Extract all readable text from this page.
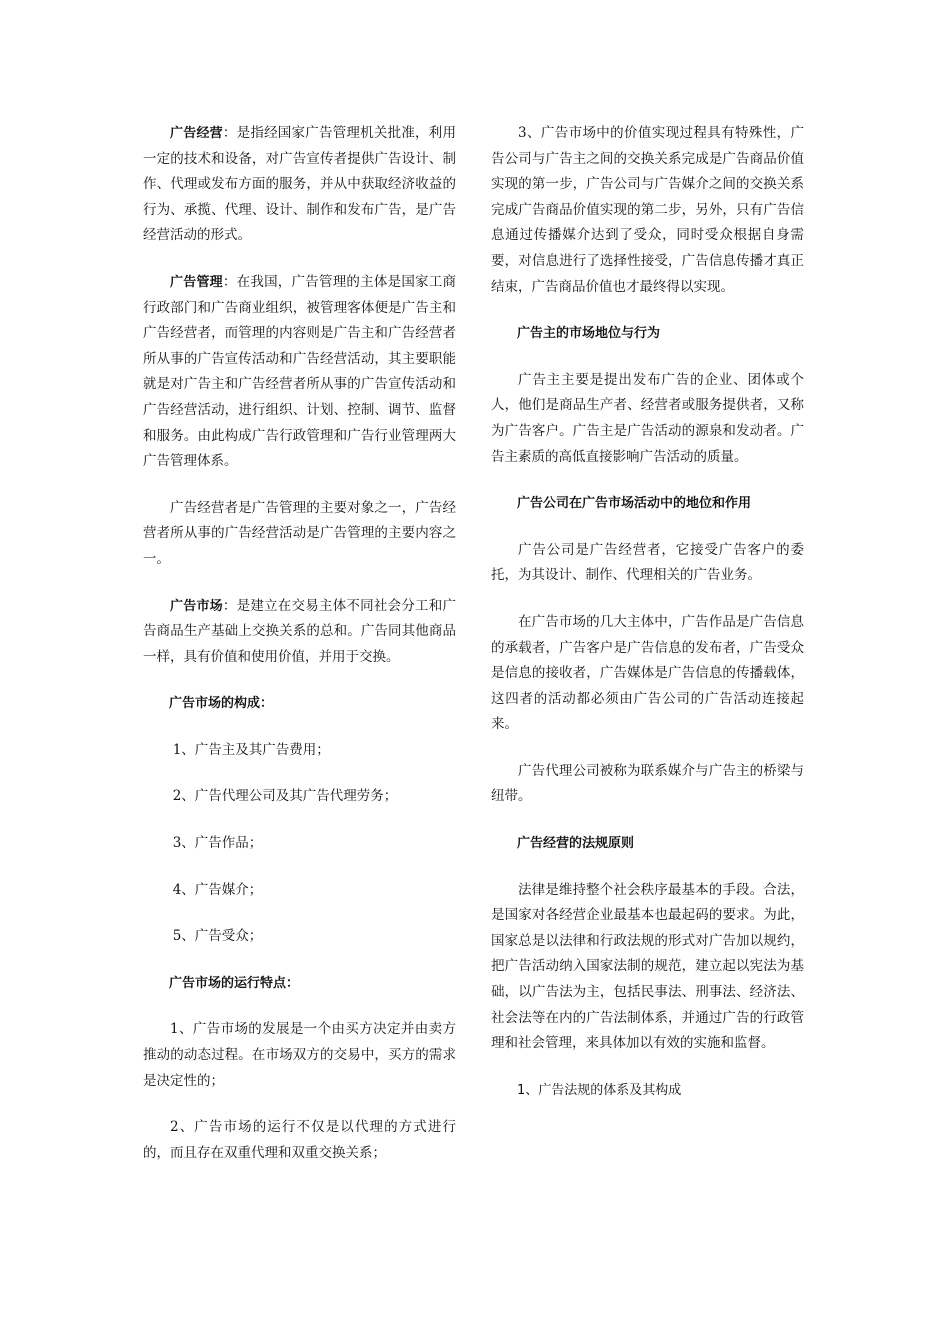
广告经营：是指经国家广告管理机关批准，利用一定的技术和设备，对广告宣传者提供广告设计、制作、代理或发布方面的服务，并从中获取经济收益的行为、承揽、代理、设计、制作和发布广告，是广告经营活动的形式。

广告管理：在我国，广告管理的主体是国家工商行政部门和广告商业组织，被管理客体便是广告主和广告经营者，而管理的内容则是广告主和广告经营者所从事的广告宣传活动和广告经营活动，其主要职能就是对广告主和广告经营者所从事的广告宣传活动和广告经营活动，进行组织、计划、控制、调节、监督和服务。由此构成广告行政管理和广告行业管理两大广告管理体系。

广告经营者是广告管理的主要对象之一，广告经营者所从事的广告经营活动是广告管理的主要内容之一。

广告市场：是建立在交易主体不同社会分工和广告商品生产基础上交换关系的总和。广告同其他商品一样，具有价值和使用价值，并用于交换。

广告市场的构成：

1、广告主及其广告费用；

2、广告代理公司及其广告代理劳务；

3、广告作品；

4、广告媒介；

5、广告受众；

广告市场的运行特点：

1、广告市场的发展是一个由买方决定并由卖方推动的动态过程。在市场双方的交易中，买方的需求是决定性的；

2、广告市场的运行不仅是以代理的方式进行的，而且存在双重代理和双重交换关系；

3、广告市场中的价值实现过程具有特殊性，广告公司与广告主之间的交换关系完成是广告商品价值实现的第一步，广告公司与广告媒介之间的交换关系完成广告商品价值实现的第二步，另外，只有广告信息通过传播媒介达到了受众，同时受众根据自身需要，对信息进行了选择性接受，广告信息传播才真正结束，广告商品价值也才最终得以实现。

广告主的市场地位与行为

广告主主要是提出发布广告的企业、团体或个人，他们是商品生产者、经营者或服务提供者，又称为广告客户。广告主是广告活动的源泉和发动者。广告主素质的高低直接影响广告活动的质量。

广告公司在广告市场活动中的地位和作用

广告公司是广告经营者，它接受广告客户的委托，为其设计、制作、代理相关的广告业务。

在广告市场的几大主体中，广告作品是广告信息的承载者，广告客户是广告信息的发布者，广告受众是信息的接收者，广告媒体是广告信息的传播载体，这四者的活动都必须由广告公司的广告活动连接起来。

广告代理公司被称为联系媒介与广告主的桥梁与纽带。

广告经营的法规原则

法律是维持整个社会秩序最基本的手段。合法，是国家对各经营企业最基本也最起码的要求。为此，国家总是以法律和行政法规的形式对广告加以规约，把广告活动纳入国家法制的规范，建立起以宪法为基础，以广告法为主，包括民事法、刑事法、经济法、社会法等在内的广告法制体系，并通过广告的行政管理和社会管理，来具体加以有效的实施和监督。

1、广告法规的体系及其构成
